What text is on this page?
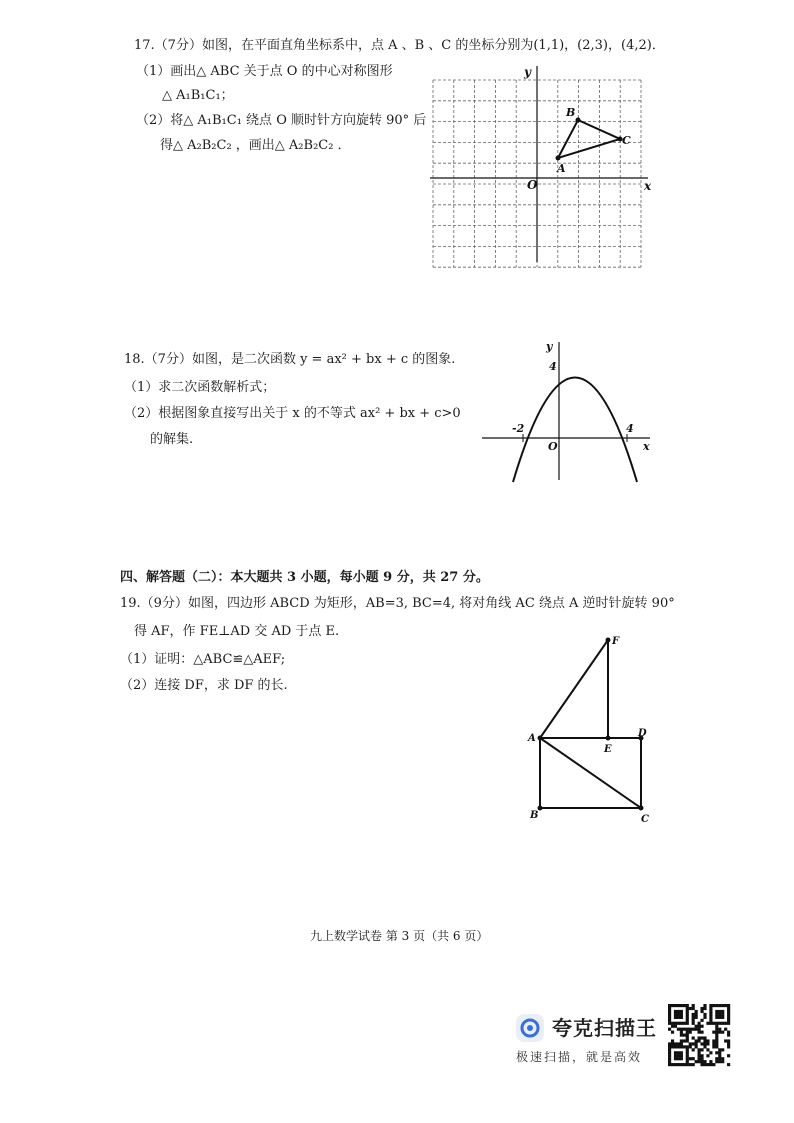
17.（7分）如图，在平面直角坐标系中，点 A 、B 、C 的坐标分别为(1,1)，(2,3)，(4,2)．
（1）画出△ ABC 关于点 O 的中心对称图形
△ A₁B₁C₁；
（2）将△ A₁B₁C₁ 绕点 O 顺时针方向旋转 90° 后
得△ A₂B₂C₂ ，画出△ A₂B₂C₂ ．
y
x
O
A
B
C
18.（7分）如图，是二次函数 y = ax² + bx + c 的图象.
（1）求二次函数解析式；
（2）根据图象直接写出关于 x 的不等式 ax² + bx + c>0
的解集.
y
x
O
4
-2	4
四、解答题（二）：本大题共 3 小题，每小题 9 分，共 27 分。
19.（9分）如图，四边形 ABCD 为矩形，AB=3, BC=4, 将对角线 AC 绕点 A 逆时针旋转 90°
得 AF，作 FE⊥AD 交 AD 于点 E.
（1）证明：△ABC≌△AEF;
（2）连接 DF，求 DF 的长.
F
A
E
D
B	C
九上数学试卷 第 3 页（共 6 页）
夸克扫描王
极速扫描，就是高效
